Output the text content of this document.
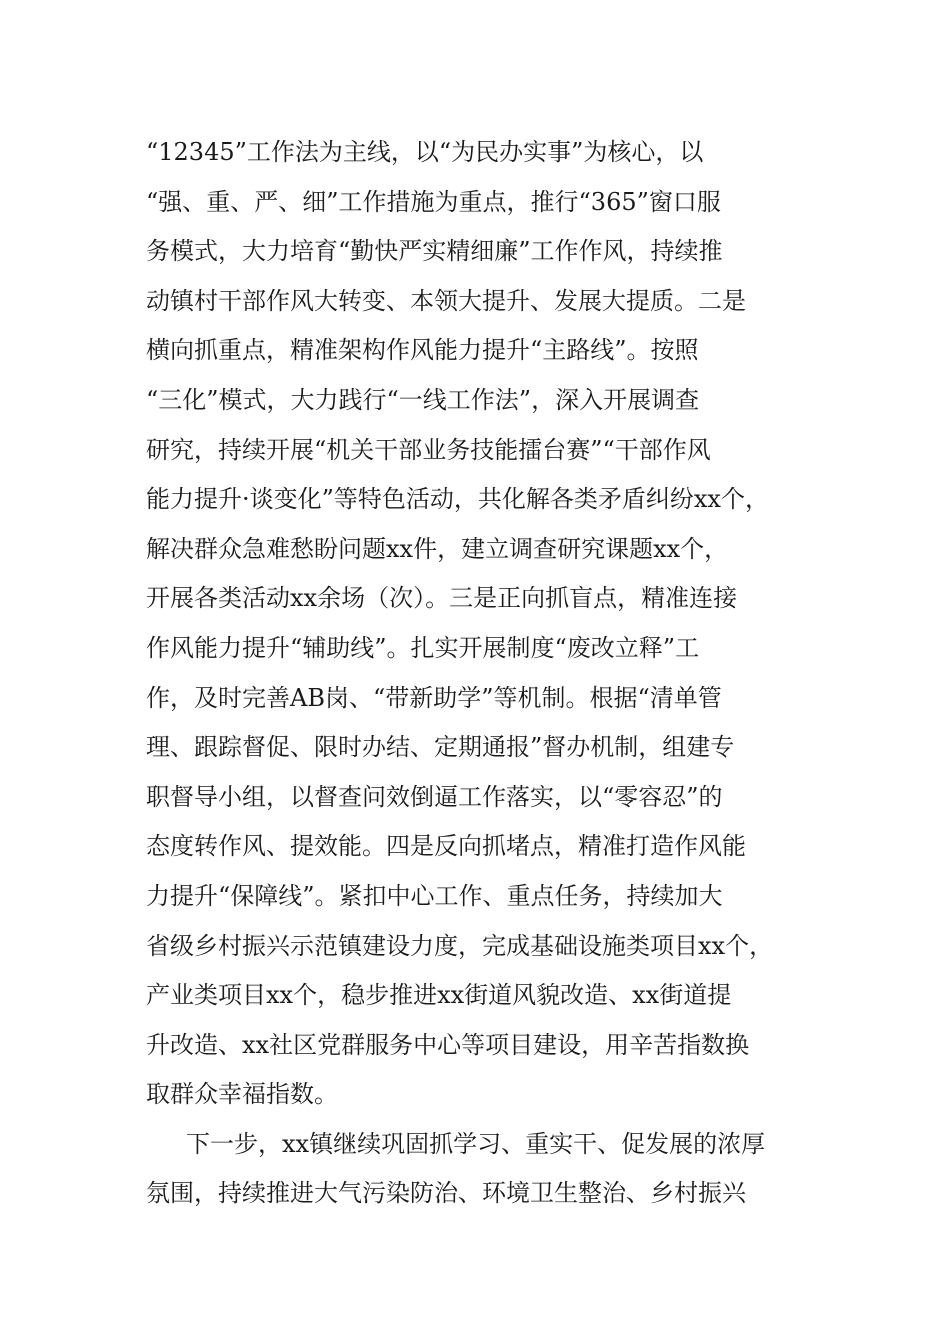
“12345”工作法为主线，以“为民办实事”为核心，以
“强、重、严、细”工作措施为重点，推行“365”窗口服
务模式，大力培育“勤快严实精细廉”工作作风，持续推
动镇村干部作风大转变、本领大提升、发展大提质。二是
横向抓重点，精准架构作风能力提升“主路线”。按照
“三化”模式，大力践行“一线工作法”，深入开展调查
研究，持续开展“机关干部业务技能擂台赛”“干部作风
能力提升·谈变化”等特色活动，共化解各类矛盾纠纷xx个，
解决群众急难愁盼问题xx件，建立调查研究课题xx个，
开展各类活动xx余场（次）。三是正向抓盲点，精准连接
作风能力提升“辅助线”。扎实开展制度“废改立释”工
作，及时完善AB岗、“带新助学”等机制。根据“清单管
理、跟踪督促、限时办结、定期通报”督办机制，组建专
职督导小组，以督查问效倒逼工作落实，以“零容忍”的
态度转作风、提效能。四是反向抓堵点，精准打造作风能
力提升“保障线”。紧扣中心工作、重点任务，持续加大
省级乡村振兴示范镇建设力度，完成基础设施类项目xx个，
产业类项目xx个，稳步推进xx街道风貌改造、xx街道提
升改造、xx社区党群服务中心等项目建设，用辛苦指数换
取群众幸福指数。
下一步，xx镇继续巩固抓学习、重实干、促发展的浓厚
氛围，持续推进大气污染防治、环境卫生整治、乡村振兴
